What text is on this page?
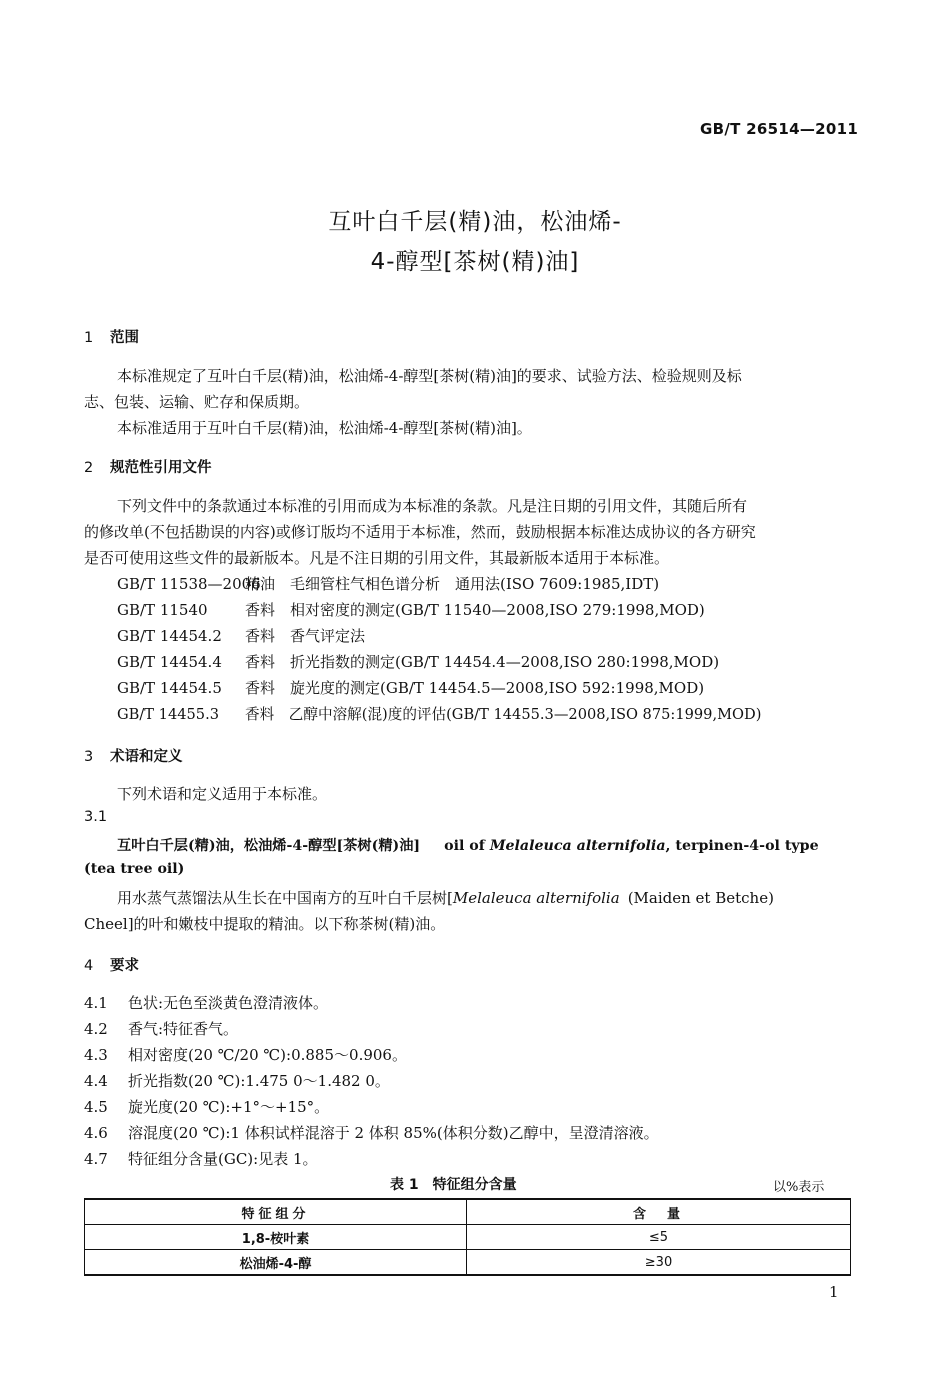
GB/T 26514—2011
互叶白千层(精)油，松油烯-
4-醇型[茶树(精)油]
1 范围
本标准规定了互叶白千层(精)油，松油烯-4-醇型[茶树(精)油]的要求、试验方法、检验规则及标
志、包装、运输、贮存和保质期。
本标准适用于互叶白千层(精)油，松油烯-4-醇型[茶树(精)油]。
2 规范性引用文件
下列文件中的条款通过本标准的引用而成为本标准的条款。凡是注日期的引用文件，其随后所有
的修改单(不包括勘误的内容)或修订版均不适用于本标准，然而，鼓励根据本标准达成协议的各方研究
是否可使用这些文件的最新版本。凡是不注日期的引用文件，其最新版本适用于本标准。
GB/T 11538—2006精油　毛细管柱气相色谱分析　通用法(ISO 7609:1985,IDT)
GB/T 11540 香料　相对密度的测定(GB/T 11540—2008,ISO 279:1998,MOD)
GB/T 14454.2 香料　香气评定法
GB/T 14454.4 香料　折光指数的测定(GB/T 14454.4—2008,ISO 280:1998,MOD)
GB/T 14454.5 香料　旋光度的测定(GB/T 14454.5—2008,ISO 592:1998,MOD)
GB/T 14455.3 香料　乙醇中溶解(混)度的评估(GB/T 14455.3—2008,ISO 875:1999,MOD)
3 术语和定义
下列术语和定义适用于本标准。
3.1
互叶白千层(精)油，松油烯-4-醇型[茶树(精)油] oil of Melaleuca alternifolia, terpinen-4-ol type
(tea tree oil)
用水蒸气蒸馏法从生长在中国南方的互叶白千层树[Melaleuca alternifolia (Maiden et Betche)
Cheel]的叶和嫩枝中提取的精油。以下称茶树(精)油。
4 要求
4.1 色状:无色至淡黄色澄清液体。
4.2 香气:特征香气。
4.3 相对密度(20 ℃/20 ℃):0.885～0.906。
4.4 折光指数(20 ℃):1.475 0～1.482 0。
4.5 旋光度(20 ℃):+1°～+15°。
4.6 溶混度(20 ℃):1 体积试样混溶于 2 体积 85%(体积分数)乙醇中，呈澄清溶液。
4.7 特征组分含量(GC):见表 1。
表 1　特征组分含量	以%表示
特征组分	含　量
1,8-桉叶素	≤5
松油烯-4-醇	≥30
1
